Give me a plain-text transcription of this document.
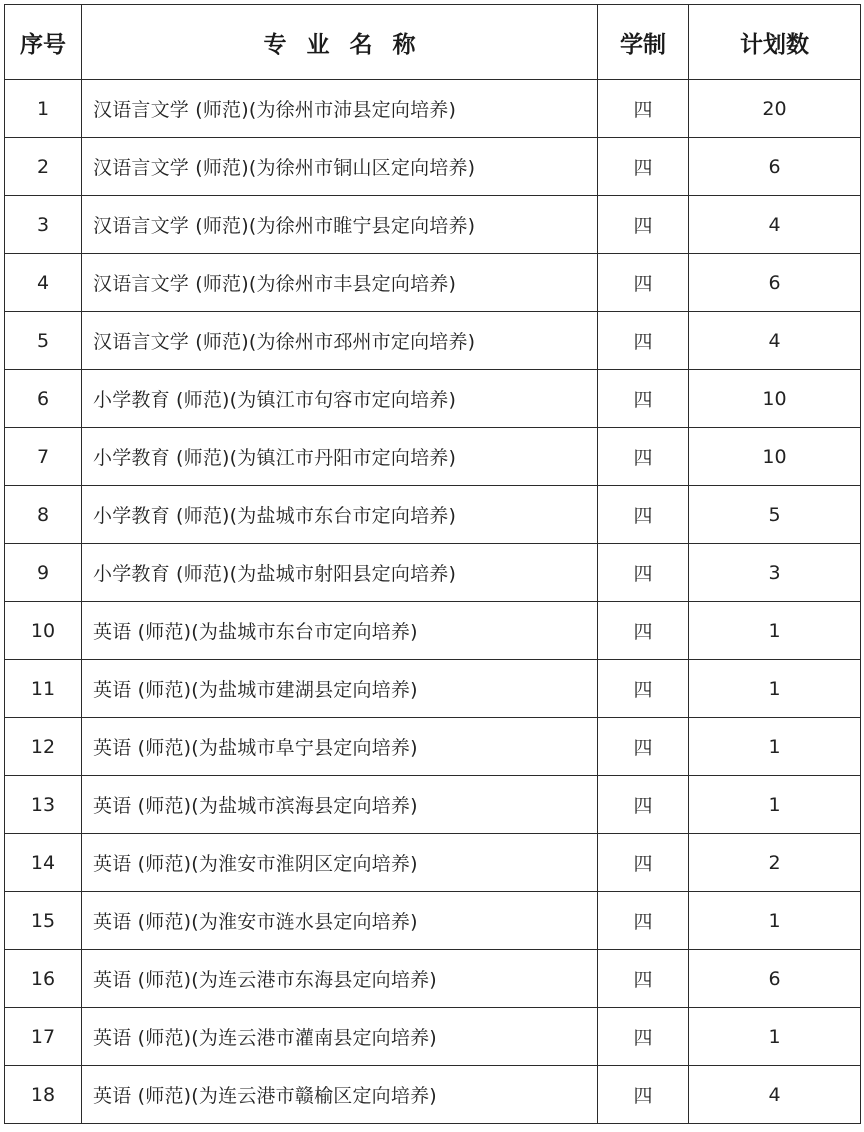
序号	专业名称	学制	计划数
1	汉语言文学 (师范)(为徐州市沛县定向培养)	四	20
2	汉语言文学 (师范)(为徐州市铜山区定向培养)	四	6
3	汉语言文学 (师范)(为徐州市睢宁县定向培养)	四	4
4	汉语言文学 (师范)(为徐州市丰县定向培养)	四	6
5	汉语言文学 (师范)(为徐州市邳州市定向培养)	四	4
6	小学教育 (师范)(为镇江市句容市定向培养)	四	10
7	小学教育 (师范)(为镇江市丹阳市定向培养)	四	10
8	小学教育 (师范)(为盐城市东台市定向培养)	四	5
9	小学教育 (师范)(为盐城市射阳县定向培养)	四	3
10	英语 (师范)(为盐城市东台市定向培养)	四	1
11	英语 (师范)(为盐城市建湖县定向培养)	四	1
12	英语 (师范)(为盐城市阜宁县定向培养)	四	1
13	英语 (师范)(为盐城市滨海县定向培养)	四	1
14	英语 (师范)(为淮安市淮阴区定向培养)	四	2
15	英语 (师范)(为淮安市涟水县定向培养)	四	1
16	英语 (师范)(为连云港市东海县定向培养)	四	6
17	英语 (师范)(为连云港市灌南县定向培养)	四	1
18	英语 (师范)(为连云港市赣榆区定向培养)	四	4
